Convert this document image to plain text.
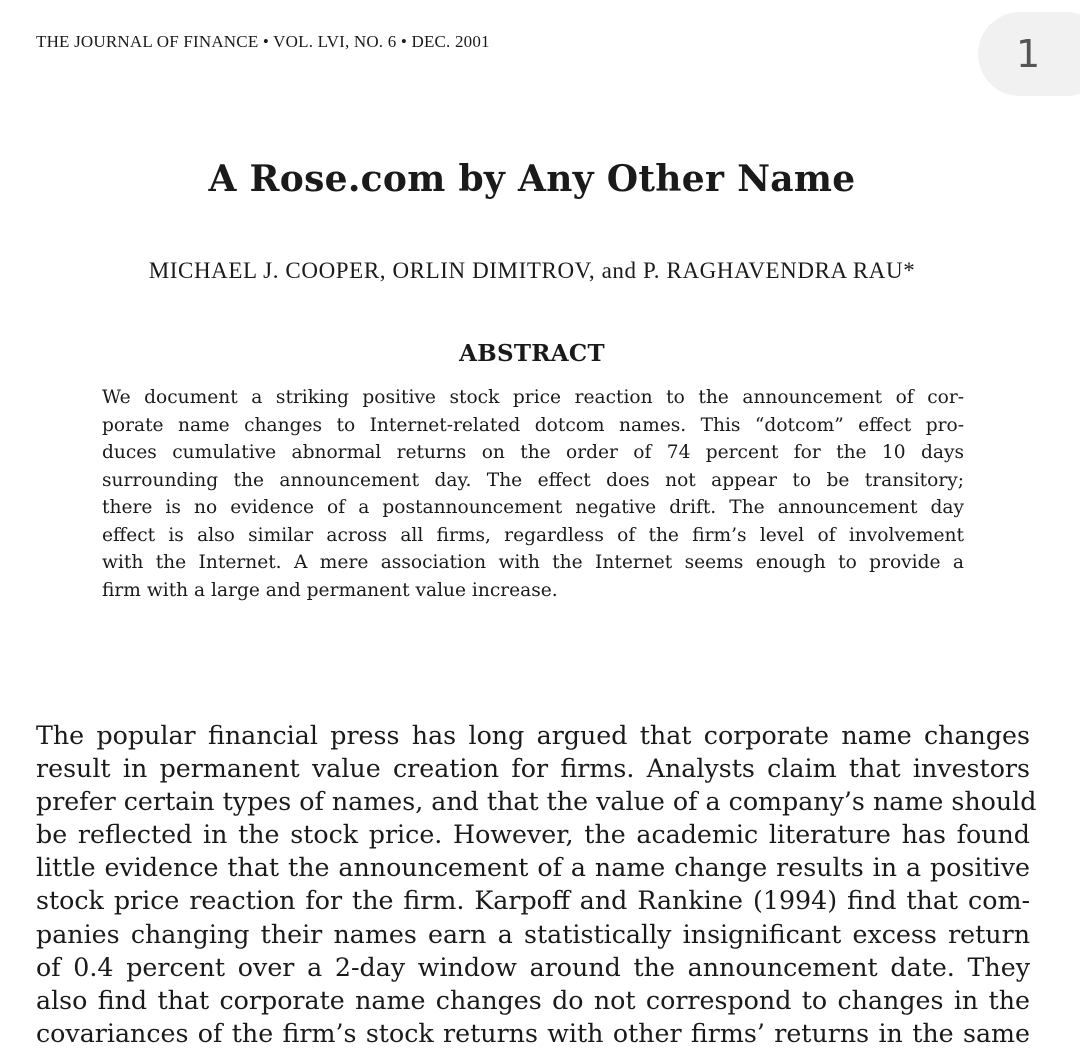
THE JOURNAL OF FINANCE • VOL. LVI, NO. 6 • DEC. 2001	1
A Rose.com by Any Other Name
MICHAEL J. COOPER, ORLIN DIMITROV, and P. RAGHAVENDRA RAU*
ABSTRACT
We document a striking positive stock price reaction to the announcement of cor-
porate name changes to Internet-related dotcom names. This “dotcom” effect pro-
duces cumulative abnormal returns on the order of 74 percent for the 10 days
surrounding the announcement day. The effect does not appear to be transitory;
there is no evidence of a postannouncement negative drift. The announcement day
effect is also similar across all firms, regardless of the firm’s level of involvement
with the Internet. A mere association with the Internet seems enough to provide a
firm with a large and permanent value increase.
The popular financial press has long argued that corporate name changes
result in permanent value creation for firms. Analysts claim that investors
prefer certain types of names, and that the value of a company’s name should
be reflected in the stock price. However, the academic literature has found
little evidence that the announcement of a name change results in a positive
stock price reaction for the firm. Karpoff and Rankine (1994) find that com-
panies changing their names earn a statistically insignificant excess return
of 0.4 percent over a 2-day window around the announcement date. They
also find that corporate name changes do not correspond to changes in the
covariances of the firm’s stock returns with other firms’ returns in the same
